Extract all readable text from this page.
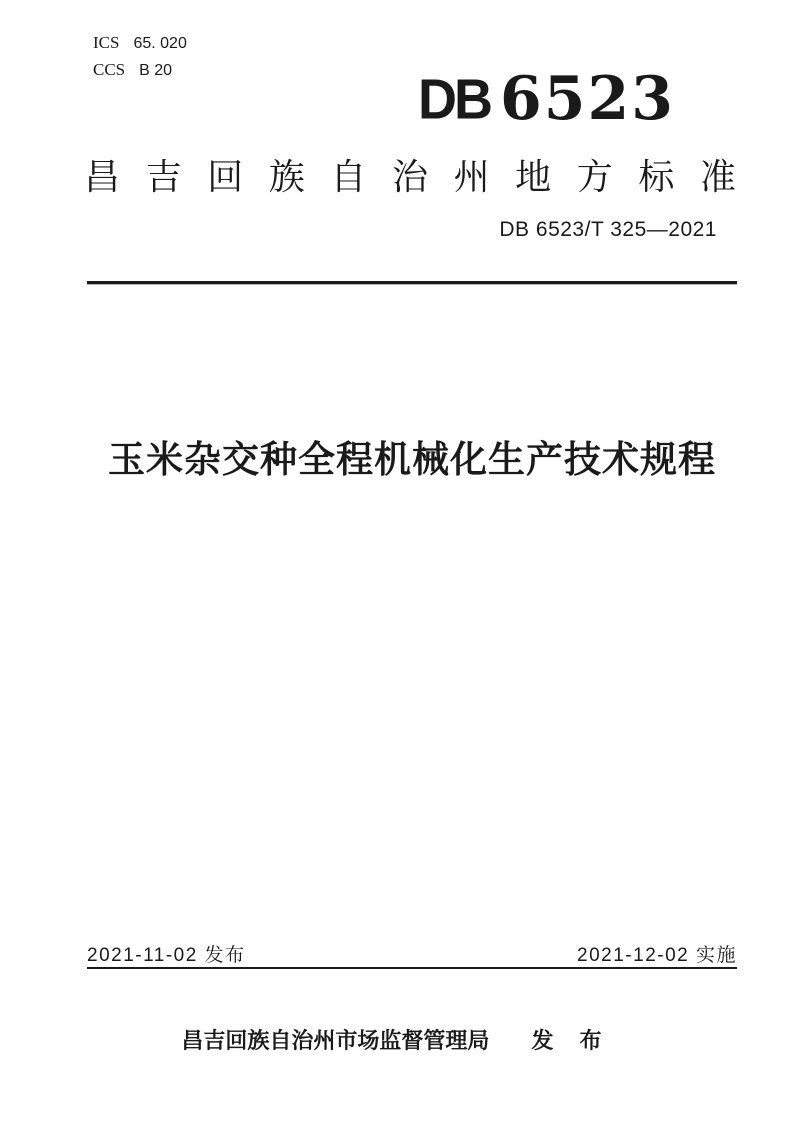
ICS 65. 020
CCS B 20	DB 6523
昌 吉 回 族 自 治 州 地 方 标 准
DB 6523/T 325—2021
玉米杂交种全程机械化生产技术规程
2021-11-02 发布	2021-12-02 实施
昌吉回族自治州市场监督管理局 发 布
